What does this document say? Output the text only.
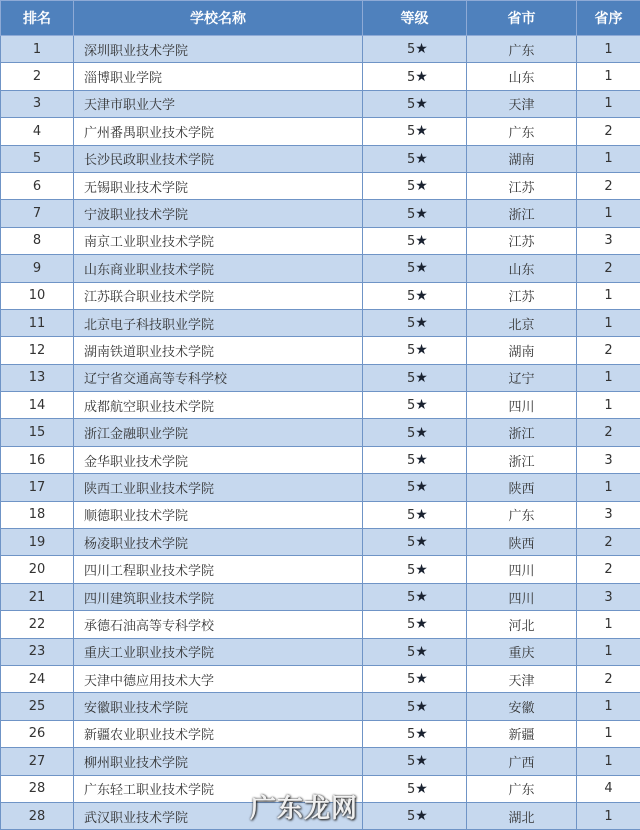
排名	学校名称	等级	省市	省序
1	深圳职业技术学院	5★	广东	1
2	淄博职业学院	5★	山东	1
3	天津市职业大学	5★	天津	1
4	广州番禺职业技术学院	5★	广东	2
5	长沙民政职业技术学院	5★	湖南	1
6	无锡职业技术学院	5★	江苏	2
7	宁波职业技术学院	5★	浙江	1
8	南京工业职业技术学院	5★	江苏	3
9	山东商业职业技术学院	5★	山东	2
10	江苏联合职业技术学院	5★	江苏	1
11	北京电子科技职业学院	5★	北京	1
12	湖南铁道职业技术学院	5★	湖南	2
13	辽宁省交通高等专科学校	5★	辽宁	1
14	成都航空职业技术学院	5★	四川	1
15	浙江金融职业学院	5★	浙江	2
16	金华职业技术学院	5★	浙江	3
17	陕西工业职业技术学院	5★	陕西	1
18	顺德职业技术学院	5★	广东	3
19	杨凌职业技术学院	5★	陕西	2
20	四川工程职业技术学院	5★	四川	2
21	四川建筑职业技术学院	5★	四川	3
22	承德石油高等专科学校	5★	河北	1
23	重庆工业职业技术学院	5★	重庆	1
24	天津中德应用技术大学	5★	天津	2
25	安徽职业技术学院	5★	安徽	1
26	新疆农业职业技术学院	5★	新疆	1
27	柳州职业技术学院	5★	广西	1
28	广东轻工职业技术学院	5★	广东	4
28	武汉职业技术学院	5★	湖北	1
广东龙网
